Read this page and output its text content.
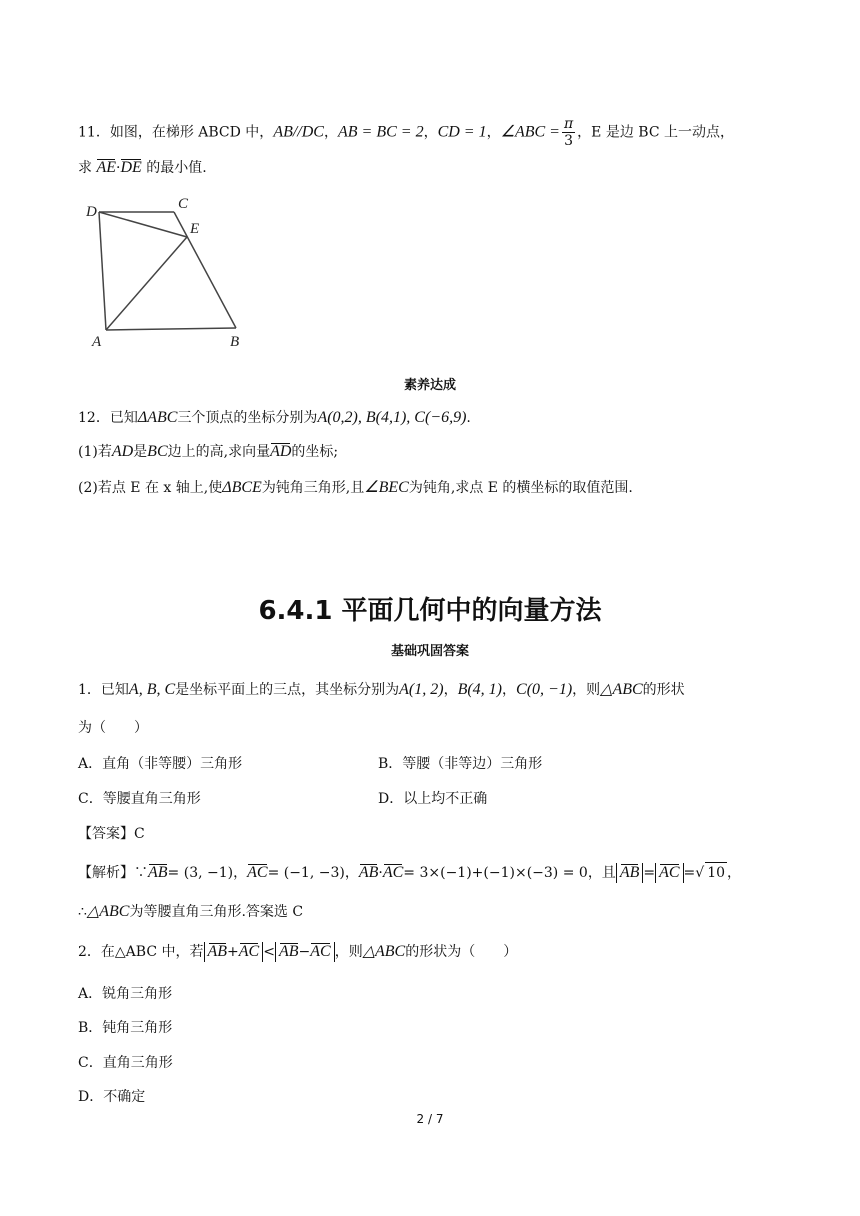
11．如图，在梯形 ABCD 中，AB//DC，AB = BC = 2，CD = 1，∠ABC = $\frac{\pi}{3}$ ，E 是边 BC 上一动点，
求 AE·DE 的最小值.
D	C
E
A	B
素养达成
12．已知ΔABC三个顶点的坐标分别为A(0,2), B(4,1), C(−6,9).
(1)若AD是BC边上的高,求向量AD的坐标;
(2)若点 E 在 x 轴上,使ΔBCE为钝角三角形,且∠BEC为钝角,求点 E 的横坐标的取值范围.
6.4.1 平面几何中的向量方法
基础巩固答案
1．已知A, B, C是坐标平面上的三点，其坐标分别为A(1, 2)，B(4, 1)，C(0, −1)，则△ABC的形状
为（　　）
A．直角（非等腰）三角形	B．等腰（非等边）三角形
C．等腰直角三角形	D．以上均不正确
【答案】C
【解析】∵AB= (3, −1)，AC= (−1, −3)，AB·AC= 3×(−1)+(−1)×(−3) = 0，且 AB = AC =√ 10 ，
∴△ABC为等腰直角三角形.答案选 C
2．在△ABC 中，若 AB+AC < AB−AC ，则△ABC的形状为（　　）
A．锐角三角形
B．钝角三角形
C．直角三角形
D．不确定
2 / 7
